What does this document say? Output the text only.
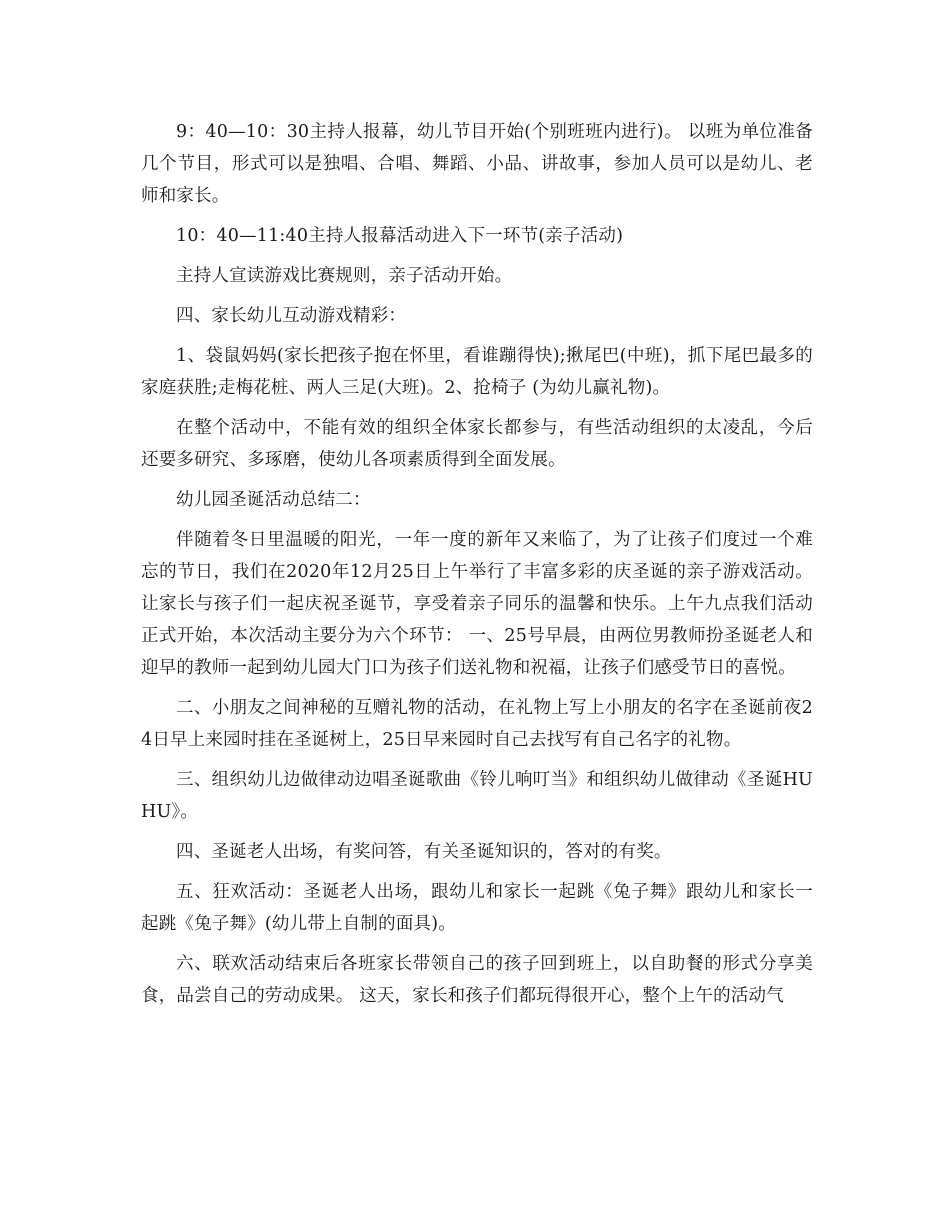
9：40—10：30主持人报幕，幼儿节目开始(个别班班内进行)。 以班为单位准备几个节目，形式可以是独唱、合唱、舞蹈、小品、讲故事，参加人员可以是幼儿、老师和家长。

10：40—11:40主持人报幕活动进入下一环节(亲子活动)

主持人宣读游戏比赛规则，亲子活动开始。

四、家长幼儿互动游戏精彩：

1、袋鼠妈妈(家长把孩子抱在怀里，看谁蹦得快);揪尾巴(中班)，抓下尾巴最多的家庭获胜;走梅花桩、两人三足(大班)。2、抢椅子 (为幼儿赢礼物)。

在整个活动中，不能有效的组织全体家长都参与，有些活动组织的太凌乱，今后还要多研究、多琢磨，使幼儿各项素质得到全面发展。

幼儿园圣诞活动总结二：

伴随着冬日里温暖的阳光，一年一度的新年又来临了，为了让孩子们度过一个难忘的节日，我们在2020年12月25日上午举行了丰富多彩的庆圣诞的亲子游戏活动。让家长与孩子们一起庆祝圣诞节，享受着亲子同乐的温馨和快乐。上午九点我们活动正式开始，本次活动主要分为六个环节： 一、25号早晨，由两位男教师扮圣诞老人和迎早的教师一起到幼儿园大门口为孩子们送礼物和祝福，让孩子们感受节日的喜悦。

二、小朋友之间神秘的互赠礼物的活动，在礼物上写上小朋友的名字在圣诞前夜24日早上来园时挂在圣诞树上，25日早来园时自己去找写有自己名字的礼物。

三、组织幼儿边做律动边唱圣诞歌曲《铃儿响叮当》和组织幼儿做律动《圣诞HUHU》。

四、圣诞老人出场，有奖问答，有关圣诞知识的，答对的有奖。

五、狂欢活动：圣诞老人出场，跟幼儿和家长一起跳《兔子舞》跟幼儿和家长一起跳《兔子舞》(幼儿带上自制的面具)。

六、联欢活动结束后各班家长带领自己的孩子回到班上，以自助餐的形式分享美食，品尝自己的劳动成果。 这天，家长和孩子们都玩得很开心，整个上午的活动气
